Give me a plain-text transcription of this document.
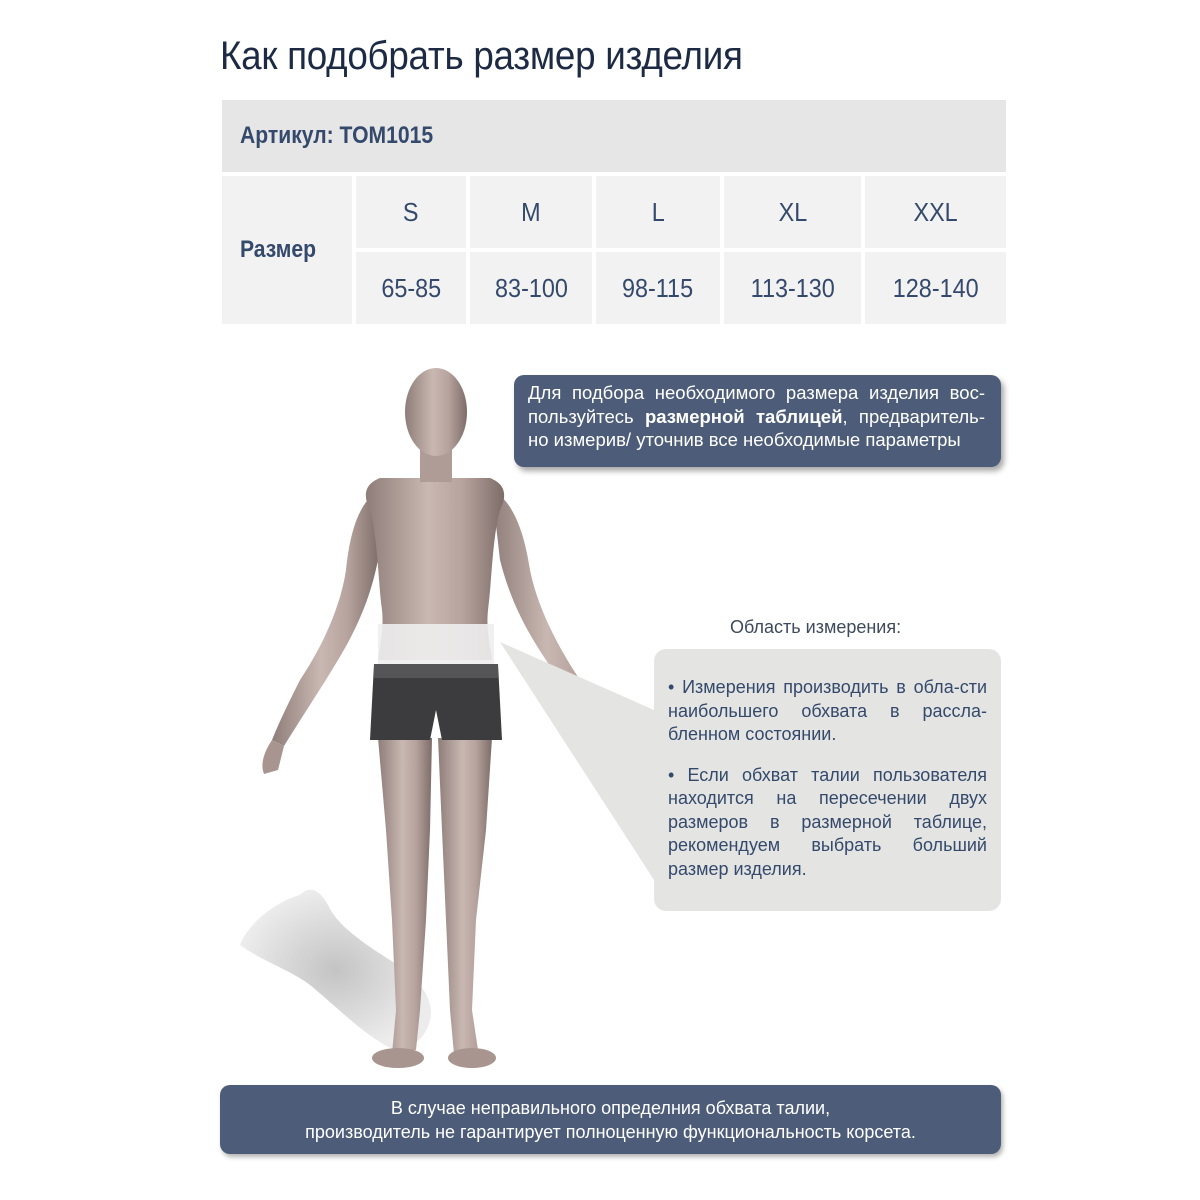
Как подобрать размер изделия
Артикул: TOM1015
Размер
S	M	L	XL	XXL
65-85 83-100 98-115 113-130 128-140
Для подбора необходимого размера изделия вос-пользуйтесь размерной таблицей, предваритель-но измерив/ уточнив все необходимые параметры
Область измерения:

• Измерения производить в обла-сти наибольшего обхвата в рассла-бленном состоянии.

• Если обхват талии пользователя находится на пересечении двух размеров в размерной таблице, рекомендуем выбрать больший размер изделия.

В случае неправильного определния обхвата талии,
производитель не гарантирует полноценную функциональность корсета.
